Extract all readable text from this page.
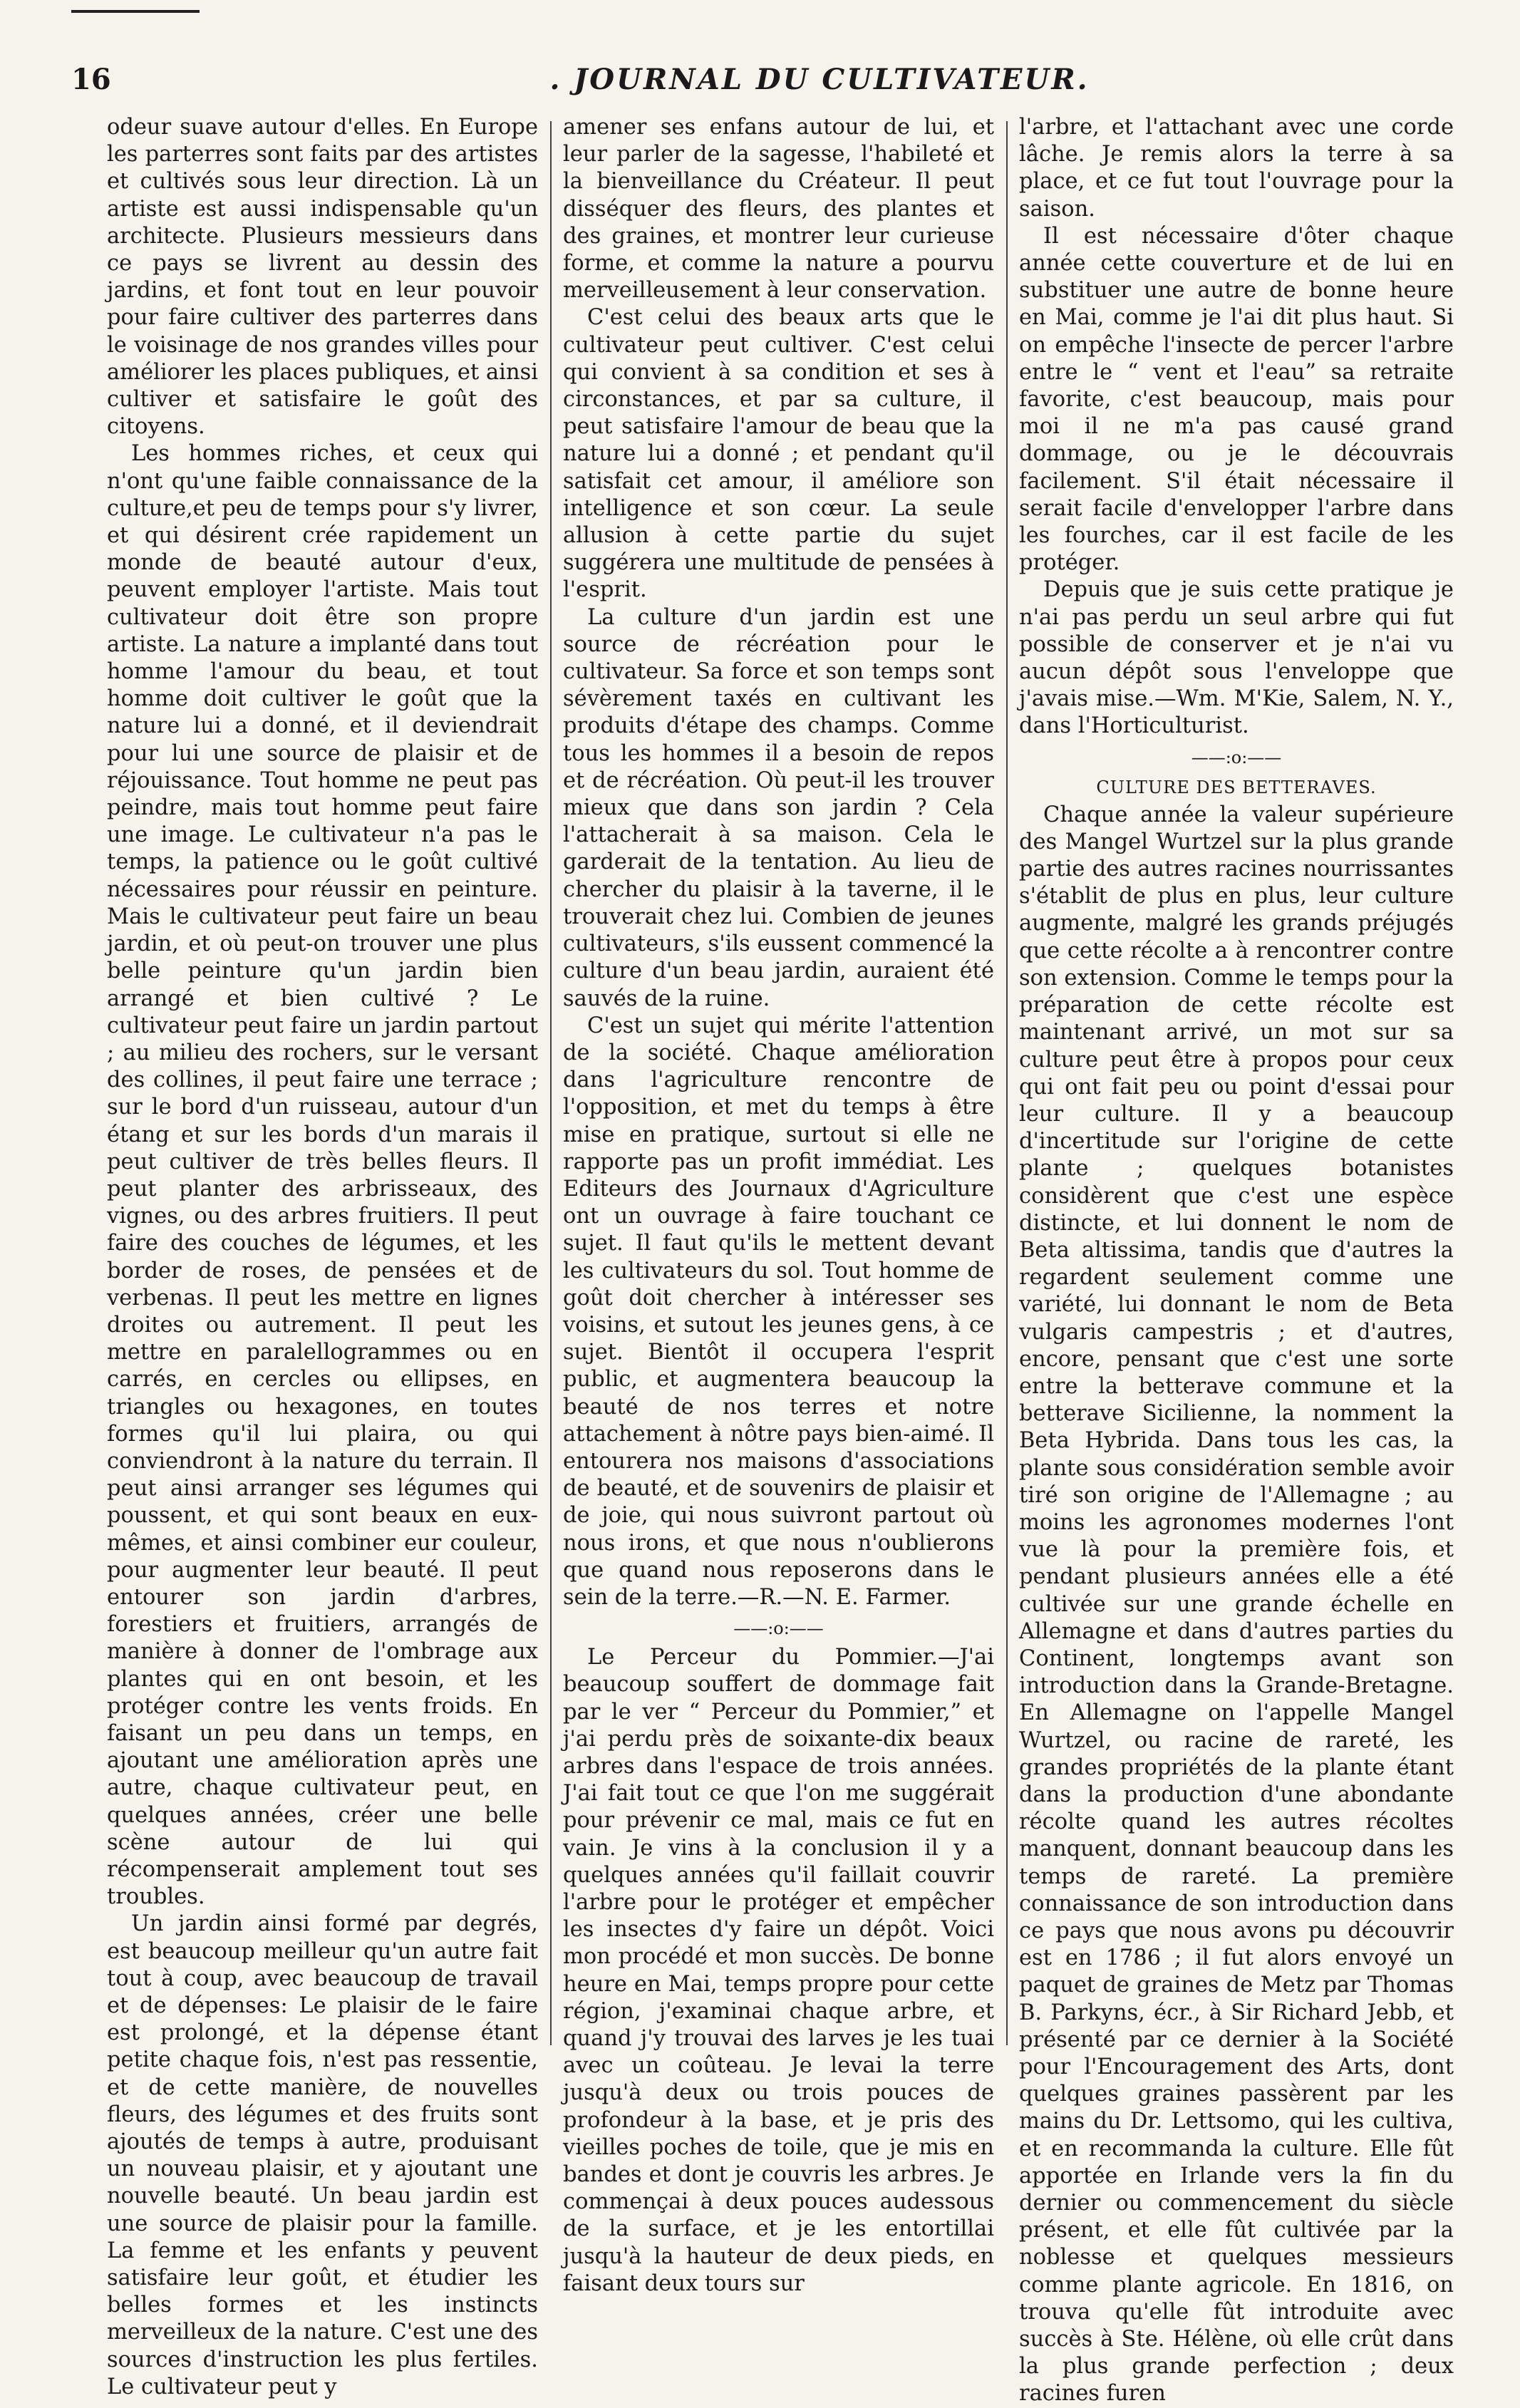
16	. JOURNAL DU CULTIVATEUR.

odeur suave autour d'elles. En Europe les parterres sont faits par des artistes et cultivés sous leur direction. Là un artiste est aussi indispensable qu'un architecte. Plusieurs messieurs dans ce pays se livrent au dessin des jardins, et font tout en leur pouvoir pour faire cultiver des parterres dans le voisinage de nos grandes villes pour améliorer les places publiques, et ainsi cultiver et satisfaire le goût des citoyens.

Les hommes riches, et ceux qui n'ont qu'une faible connaissance de la culture,et peu de temps pour s'y livrer, et qui désirent crée rapidement un monde de beauté autour d'eux, peuvent employer l'artiste. Mais tout cultivateur doit être son propre artiste. La nature a implanté dans tout homme l'amour du beau, et tout homme doit cultiver le goût que la nature lui a donné, et il deviendrait pour lui une source de plaisir et de réjouissance. Tout homme ne peut pas peindre, mais tout homme peut faire une image. Le cultivateur n'a pas le temps, la patience ou le goût cultivé nécessaires pour réussir en peinture. Mais le cultivateur peut faire un beau jardin, et où peut-on trouver une plus belle peinture qu'un jardin bien arrangé et bien cultivé ? Le cultivateur peut faire un jardin partout ; au milieu des rochers, sur le versant des collines, il peut faire une terrace ; sur le bord d'un ruisseau, autour d'un étang et sur les bords d'un marais il peut cultiver de très belles fleurs. Il peut planter des arbrisseaux, des vignes, ou des arbres fruitiers. Il peut faire des couches de légumes, et les border de roses, de pensées et de verbenas. Il peut les mettre en lignes droites ou autrement. Il peut les mettre en paralellogrammes ou en carrés, en cercles ou ellipses, en triangles ou hexagones, en toutes formes qu'il lui plaira, ou qui conviendront à la nature du terrain. Il peut ainsi arranger ses légumes qui poussent, et qui sont beaux en eux-mêmes, et ainsi combiner eur couleur, pour augmenter leur beauté. Il peut entourer son jardin d'arbres, forestiers et fruitiers, arrangés de manière à donner de l'ombrage aux plantes qui en ont besoin, et les protéger contre les vents froids. En faisant un peu dans un temps, en ajoutant une amélioration après une autre, chaque cultivateur peut, en quelques années, créer une belle scène autour de lui qui récompenserait amplement tout ses troubles.

Un jardin ainsi formé par degrés, est beaucoup meilleur qu'un autre fait tout à coup, avec beaucoup de travail et de dépenses: Le plaisir de le faire est prolongé, et la dépense étant petite chaque fois, n'est pas ressentie, et de cette manière, de nouvelles fleurs, des légumes et des fruits sont ajoutés de temps à autre, produisant un nouveau plaisir, et y ajoutant une nouvelle beauté. Un beau jardin est une source de plaisir pour la famille. La femme et les enfants y peuvent satisfaire leur goût, et étudier les belles formes et les instincts merveilleux de la nature. C'est une des sources d'instruction les plus fertiles. Le cultivateur peut y

amener ses enfans autour de lui, et leur parler de la sagesse, l'habileté et la bienveillance du Créateur. Il peut disséquer des fleurs, des plantes et des graines, et montrer leur curieuse forme, et comme la nature a pourvu merveilleusement à leur conservation.

C'est celui des beaux arts que le cultivateur peut cultiver. C'est celui qui convient à sa condition et ses à circonstances, et par sa culture, il peut satisfaire l'amour de beau que la nature lui a donné ; et pendant qu'il satisfait cet amour, il améliore son intelligence et son cœur. La seule allusion à cette partie du sujet suggérera une multitude de pensées à l'esprit.

La culture d'un jardin est une source de récréation pour le cultivateur. Sa force et son temps sont sévèrement taxés en cultivant les produits d'étape des champs. Comme tous les hommes il a besoin de repos et de récréation. Où peut-il les trouver mieux que dans son jardin ? Cela l'attacherait à sa maison. Cela le garderait de la tentation. Au lieu de chercher du plaisir à la taverne, il le trouverait chez lui. Combien de jeunes cultivateurs, s'ils eussent commencé la culture d'un beau jardin, auraient été sauvés de la ruine.

C'est un sujet qui mérite l'attention de la société. Chaque amélioration dans l'agriculture rencontre de l'opposition, et met du temps à être mise en pratique, surtout si elle ne rapporte pas un profit immédiat. Les Editeurs des Journaux d'Agriculture ont un ouvrage à faire touchant ce sujet. Il faut qu'ils le mettent devant les cultivateurs du sol. Tout homme de goût doit chercher à intéresser ses voisins, et sutout les jeunes gens, à ce sujet. Bientôt il occupera l'esprit public, et augmentera beaucoup la beauté de nos terres et notre attachement à nôtre pays bien-aimé. Il entourera nos maisons d'associations de beauté, et de souvenirs de plaisir et de joie, qui nous suivront partout où nous irons, et que nous n'oublierons que quand nous reposerons dans le sein de la terre.—R.—N. E. Farmer.

——:o:——

Le Perceur du Pommier.—J'ai beaucoup souffert de dommage fait par le ver “ Perceur du Pommier,” et j'ai perdu près de soixante-dix beaux arbres dans l'espace de trois années. J'ai fait tout ce que l'on me suggérait pour prévenir ce mal, mais ce fut en vain. Je vins à la conclusion il y a quelques années qu'il faillait couvrir l'arbre pour le protéger et empêcher les insectes d'y faire un dépôt. Voici mon procédé et mon succès. De bonne heure en Mai, temps propre pour cette région, j'examinai chaque arbre, et quand j'y trouvai des larves je les tuai avec un coûteau. Je levai la terre jusqu'à deux ou trois pouces de profondeur à la base, et je pris des vieilles poches de toile, que je mis en bandes et dont je couvris les arbres. Je commençai à deux pouces audessous de la surface, et je les entortillai jusqu'à la hauteur de deux pieds, en faisant deux tours sur

l'arbre, et l'attachant avec une corde lâche. Je remis alors la terre à sa place, et ce fut tout l'ouvrage pour la saison.

Il est nécessaire d'ôter chaque année cette couverture et de lui en substituer une autre de bonne heure en Mai, comme je l'ai dit plus haut. Si on empêche l'insecte de percer l'arbre entre le “ vent et l'eau” sa retraite favorite, c'est beaucoup, mais pour moi il ne m'a pas causé grand dommage, ou je le découvrais facilement. S'il était nécessaire il serait facile d'envelopper l'arbre dans les fourches, car il est facile de les protéger.

Depuis que je suis cette pratique je n'ai pas perdu un seul arbre qui fut possible de conserver et je n'ai vu aucun dépôt sous l'enveloppe que j'avais mise.—Wm. M'Kie, Salem, N. Y., dans l'Horticulturist.

——:o:——
CULTURE DES BETTERAVES.

Chaque année la valeur supérieure des Mangel Wurtzel sur la plus grande partie des autres racines nourrissantes s'établit de plus en plus, leur culture augmente, malgré les grands préjugés que cette récolte a à rencontrer contre son extension. Comme le temps pour la préparation de cette récolte est maintenant arrivé, un mot sur sa culture peut être à propos pour ceux qui ont fait peu ou point d'essai pour leur culture. Il y a beaucoup d'incertitude sur l'origine de cette plante ; quelques botanistes considèrent que c'est une espèce distincte, et lui donnent le nom de Beta altissima, tandis que d'autres la regardent seulement comme une variété, lui donnant le nom de Beta vulgaris campestris ; et d'autres, encore, pensant que c'est une sorte entre la betterave commune et la betterave Sicilienne, la nomment la Beta Hybrida. Dans tous les cas, la plante sous considération semble avoir tiré son origine de l'Allemagne ; au moins les agronomes modernes l'ont vue là pour la première fois, et pendant plusieurs années elle a été cultivée sur une grande échelle en Allemagne et dans d'autres parties du Continent, longtemps avant son introduction dans la Grande-Bretagne. En Allemagne on l'appelle Mangel Wurtzel, ou racine de rareté, les grandes propriétés de la plante étant dans la production d'une abondante récolte quand les autres récoltes manquent, donnant beaucoup dans les temps de rareté. La première connaissance de son introduction dans ce pays que nous avons pu découvrir est en 1786 ; il fut alors envoyé un paquet de graines de Metz par Thomas B. Parkyns, écr., à Sir Richard Jebb, et présenté par ce dernier à la Société pour l'Encouragement des Arts, dont quelques graines passèrent par les mains du Dr. Lettsomo, qui les cultiva, et en recommanda la culture. Elle fût apportée en Irlande vers la fin du dernier ou commencement du siècle présent, et elle fût cultivée par la noblesse et quelques messieurs comme plante agricole. En 1816, on trouva qu'elle fût introduite avec succès à Ste. Hélène, où elle crût dans la plus grande perfection ; deux racines furen
